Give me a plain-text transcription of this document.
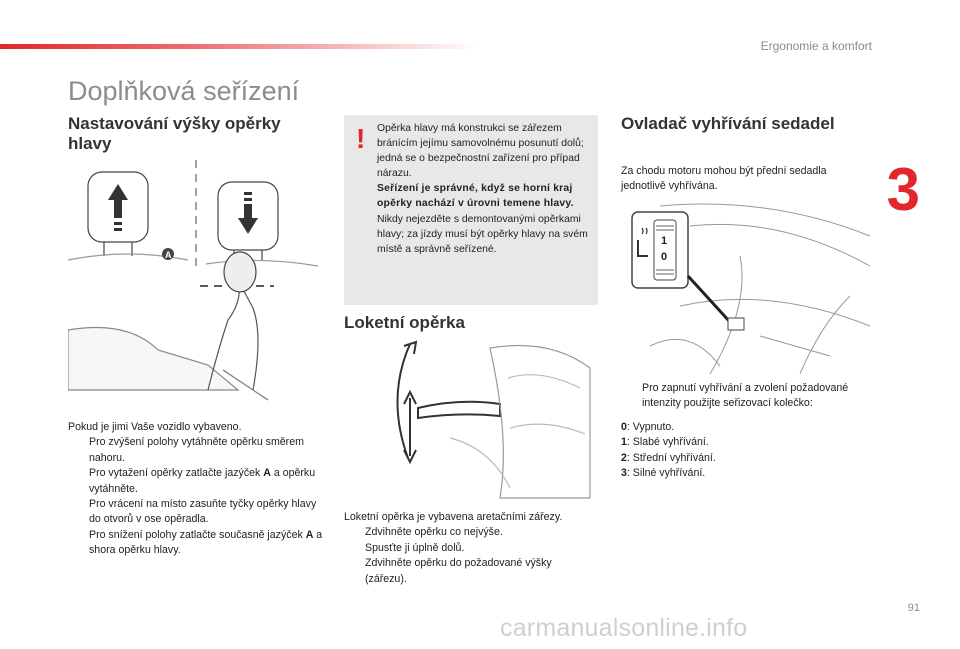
Ergonomie a komfort
3
Doplňková seřízení
Nastavování výšky opěrky hlavy
A
Pokud je jimi Vaše vozidlo vybaveno.
Pro zvýšení polohy vytáhněte opěrku směrem nahoru.
Pro vytažení opěrky zatlačte jazýček A a opěrku vytáhněte.
Pro vrácení na místo zasuňte tyčky opěrky hlavy do otvorů v ose opěradla.
Pro snížení polohy zatlačte současně jazýček A a shora opěrku hlavy.
! Opěrka hlavy má konstrukci se zářezem bránícím jejímu samovolnému posunutí dolů; jedná se o bezpečnostní zařízení pro případ nárazu.
Seřízení je správné, když se horní kraj opěrky nachází v úrovni temene hlavy.
Nikdy nejezděte s demontovanými opěrkami hlavy; za jízdy musí být opěrky hlavy na svém místě a správně seřízené.
Loketní opěrka
Loketní opěrka je vybavena aretačními zářezy.
Zdvihněte opěrku co nejvýše.
Spusťte ji úplně dolů.
Zdvihněte opěrku do požadované výšky (zářezu).
Ovladač vyhřívání sedadel
Za chodu motoru mohou být přední sedadla jednotlivě vyhřívána.
1
0
Pro zapnutí vyhřívání a zvolení požadované intenzity použijte seřizovací kolečko:
0: Vypnuto.
1: Slabé vyhřívání.
2: Střední vyhřívání.
3: Silné vyhřívání.
91
carmanualsonline.info
